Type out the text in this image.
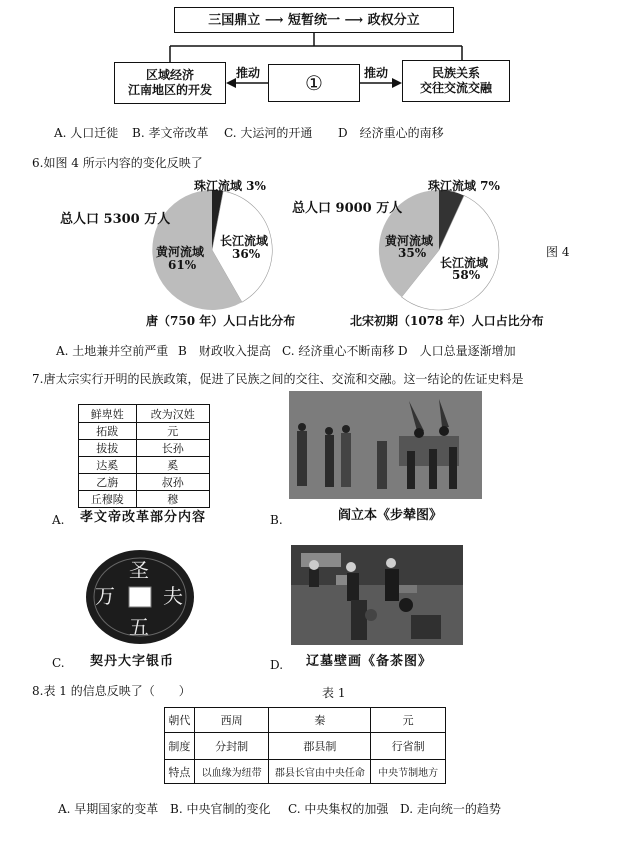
三国鼎立 ⟶ 短暂统一 ⟶ 政权分立
区域经济
江南地区的开发	①	民族关系
交往交流交融
推动	推动
A. 人口迁徙 B. 孝文帝改革 C. 大运河的开通 D　经济重心的南移
6.如图 4 所示内容的变化反映了
珠江流域 3%
总人口 5300 万人
长江流域
36%
黄河流域
61%
唐（750 年）人口占比分布
珠江流域 7%
总人口 9000 万人
黄河流域
35%
长江流域
58%
北宋初期（1078 年）人口占比分布
图 4
A. 土地兼并空前严重 B　财政收入提高 C. 经济重心不断南移 D　人口总量逐渐增加
7.唐太宗实行开明的民族政策，促进了民族之间的交往、交流和交融。这一结论的佐证史料是
鲜卑姓	改为汉姓
拓跋	元
拔拔	长孙
达奚	奚
乙旃	叔孙
丘穆陵	穆
A. 孝文帝改革部分内容	B.	阎立本《步辇图》
圣
夫
五
万
C. 契丹大字银币	D. 辽墓壁画《备茶图》
8.表 1 的信息反映了（　　）	表 1
朝代	西周	秦	元
制度	分封制	郡县制	行省制
特点	以血缘为纽带	郡县长官由中央任命	中央节制地方
A. 早期国家的变革 B. 中央官制的变化 C. 中央集权的加强 D. 走向统一的趋势
